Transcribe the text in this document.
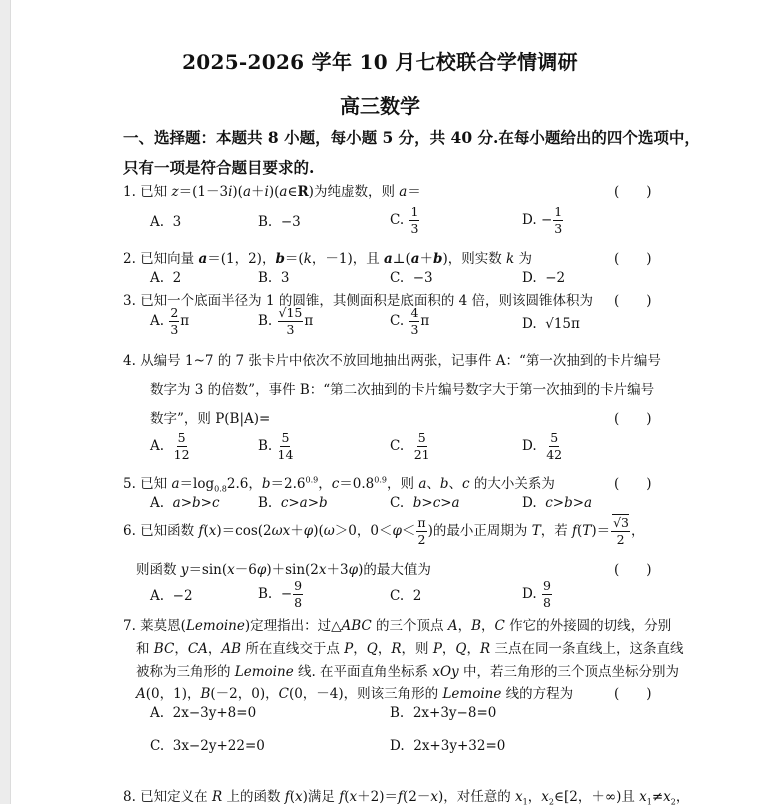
2025-2026 学年 10 月七校联合学情调研
高三数学
一、选择题：本题共 8 小题，每小题 5 分，共 40 分.在每小题给出的四个选项中，
只有一项是符合题目要求的.
1. 已知 z＝(1－3i)(a＋i)(a∈R)为纯虚数，则 a＝	(　　)
A. 3	B. −3	C. $\frac{1}{3}$	D. − $\frac{1}{3}$
2. 已知向量 a＝(1，2)，b＝(k，－1)，且 a⊥(a＋b)，则实数 k 为	(　　)
A. 2	B. 3	C. −3	D. −2
3. 已知一个底面半径为 1 的圆锥，其侧面积是底面积的 4 倍，则该圆锥体积为 (　　)
A. $\frac{2}{3}$ π	B. $\frac{√15}{3}$ π	C. $\frac{4}{3}$ π	D. √15π
4. 从编号 1~7 的 7 张卡片中依次不放回地抽出两张，记事件 A：“第一次抽到的卡片编号
数字为 3 的倍数”，事件 B：“第二次抽到的卡片编号数字大于第一次抽到的卡片编号
数字”，则 P(B|A)=	(　　)
A. $\frac{5}{12}$	B. $\frac{5}{14}$	C. $\frac{5}{21}$	D. $\frac{5}{42}$
5. 已知 $a=\log_{0.8}2.6$，$b=2.6^{0.9}$，$c=0.8^{0.9}$，则 a、b、c 的大小关系为	(　　)
A. a>b>c	B. c>a>b	C. b>c>a	D. c>b>a
6. 已知函数 f(x)＝cos(2ωx＋φ)(ω＞0，$0<\varphi< \frac{\pi}{2}$ )的最小正周期为 T，若 $f(T)= \frac{√3}{2}$ ，
则函数 y＝sin(x－6φ)＋sin(2x＋3φ)的最大值为	(　　)
A. −2	B. − $\frac{9}{8}$	C. 2	D. $\frac{9}{8}$
7. 莱莫恩(Lemoine)定理指出：过△ABC 的三个顶点 A，B，C 作它的外接圆的切线，分别
和 BC，CA，AB 所在直线交于点 P，Q，R，则 P，Q，R 三点在同一条直线上，这条直线
被称为三角形的 Lemoine 线. 在平面直角坐标系 xOy 中，若三角形的三个顶点坐标分别为
A(0，1)，B(－2，0)，C(0，－4)，则该三角形的 Lemoine 线的方程为	(　　)
A. 2x−3y+8=0	B. 2x+3y−8=0
C. 3x−2y+22=0	D. 2x+3y+32=0
8. 已知定义在 R 上的函数 f(x)满足 f(x＋2)＝f(2－x)，对任意的 $x_1$，$x_2\in[2$，＋∞)且 $x_1\ne x_2$，
